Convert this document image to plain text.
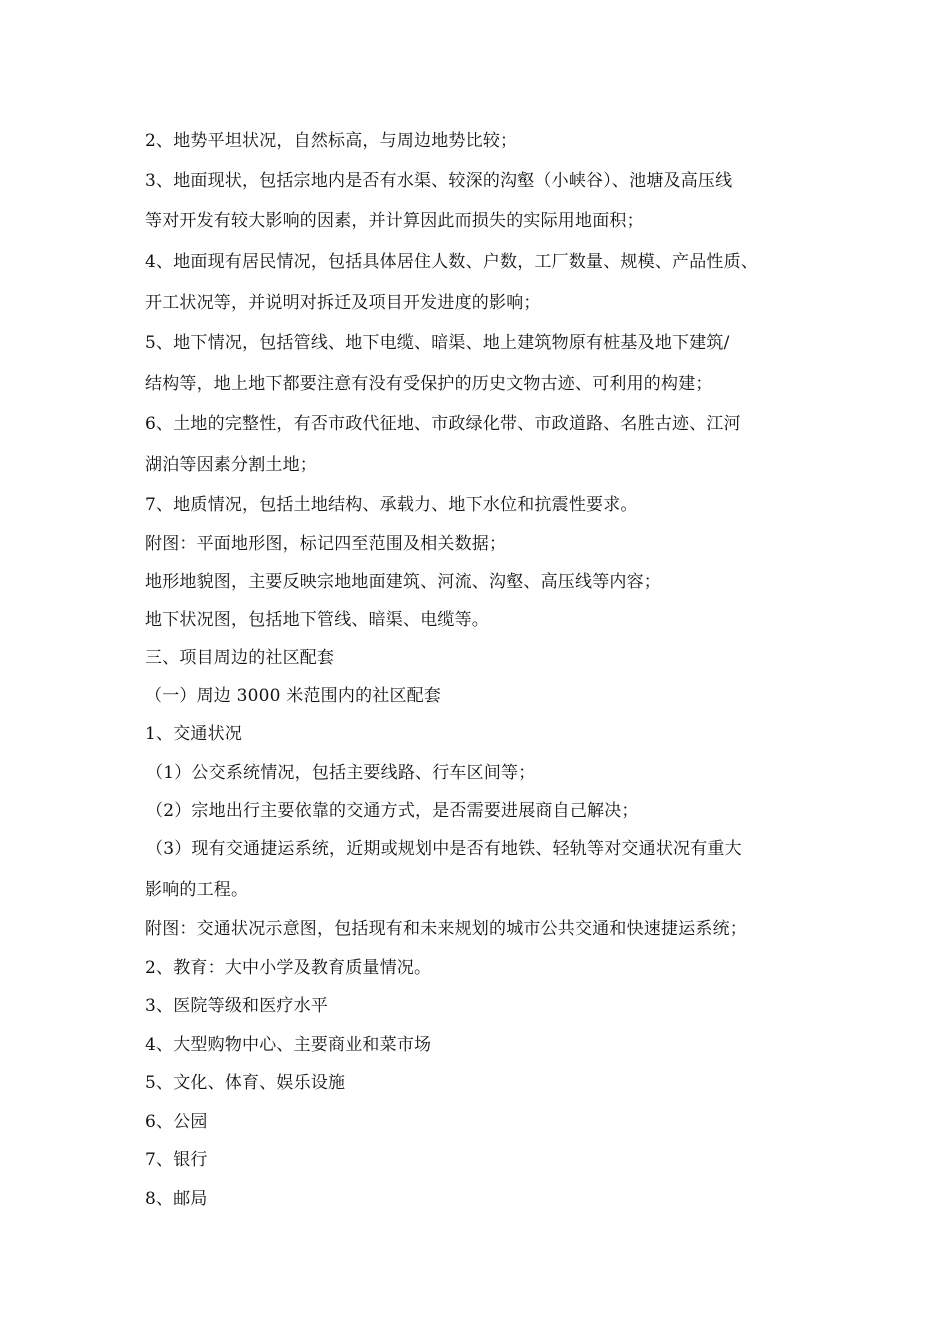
2、地势平坦状况，自然标高，与周边地势比较；
3、地面现状，包括宗地内是否有水渠、较深的沟壑（小峡谷）、池塘及高压线
等对开发有较大影响的因素，并计算因此而损失的实际用地面积；
4、地面现有居民情况，包括具体居住人数、户数，工厂数量、规模、产品性质、
开工状况等，并说明对拆迁及项目开发进度的影响；
5、地下情况，包括管线、地下电缆、暗渠、地上建筑物原有桩基及地下建筑/
结构等，地上地下都要注意有没有受保护的历史文物古迹、可利用的构建；
6、土地的完整性，有否市政代征地、市政绿化带、市政道路、名胜古迹、江河
湖泊等因素分割土地；
7、地质情况，包括土地结构、承载力、地下水位和抗震性要求。
附图：平面地形图，标记四至范围及相关数据；
地形地貌图，主要反映宗地地面建筑、河流、沟壑、高压线等内容；
地下状况图，包括地下管线、暗渠、电缆等。
三、项目周边的社区配套
（一）周边 3000 米范围内的社区配套
1、交通状况
（1）公交系统情况，包括主要线路、行车区间等；
（2）宗地出行主要依靠的交通方式，是否需要进展商自己解决；
（3）现有交通捷运系统，近期或规划中是否有地铁、轻轨等对交通状况有重大
影响的工程。
附图：交通状况示意图，包括现有和未来规划的城市公共交通和快速捷运系统；
2、教育：大中小学及教育质量情况。
3、医院等级和医疗水平
4、大型购物中心、主要商业和菜市场
5、文化、体育、娱乐设施
6、公园
7、银行
8、邮局
